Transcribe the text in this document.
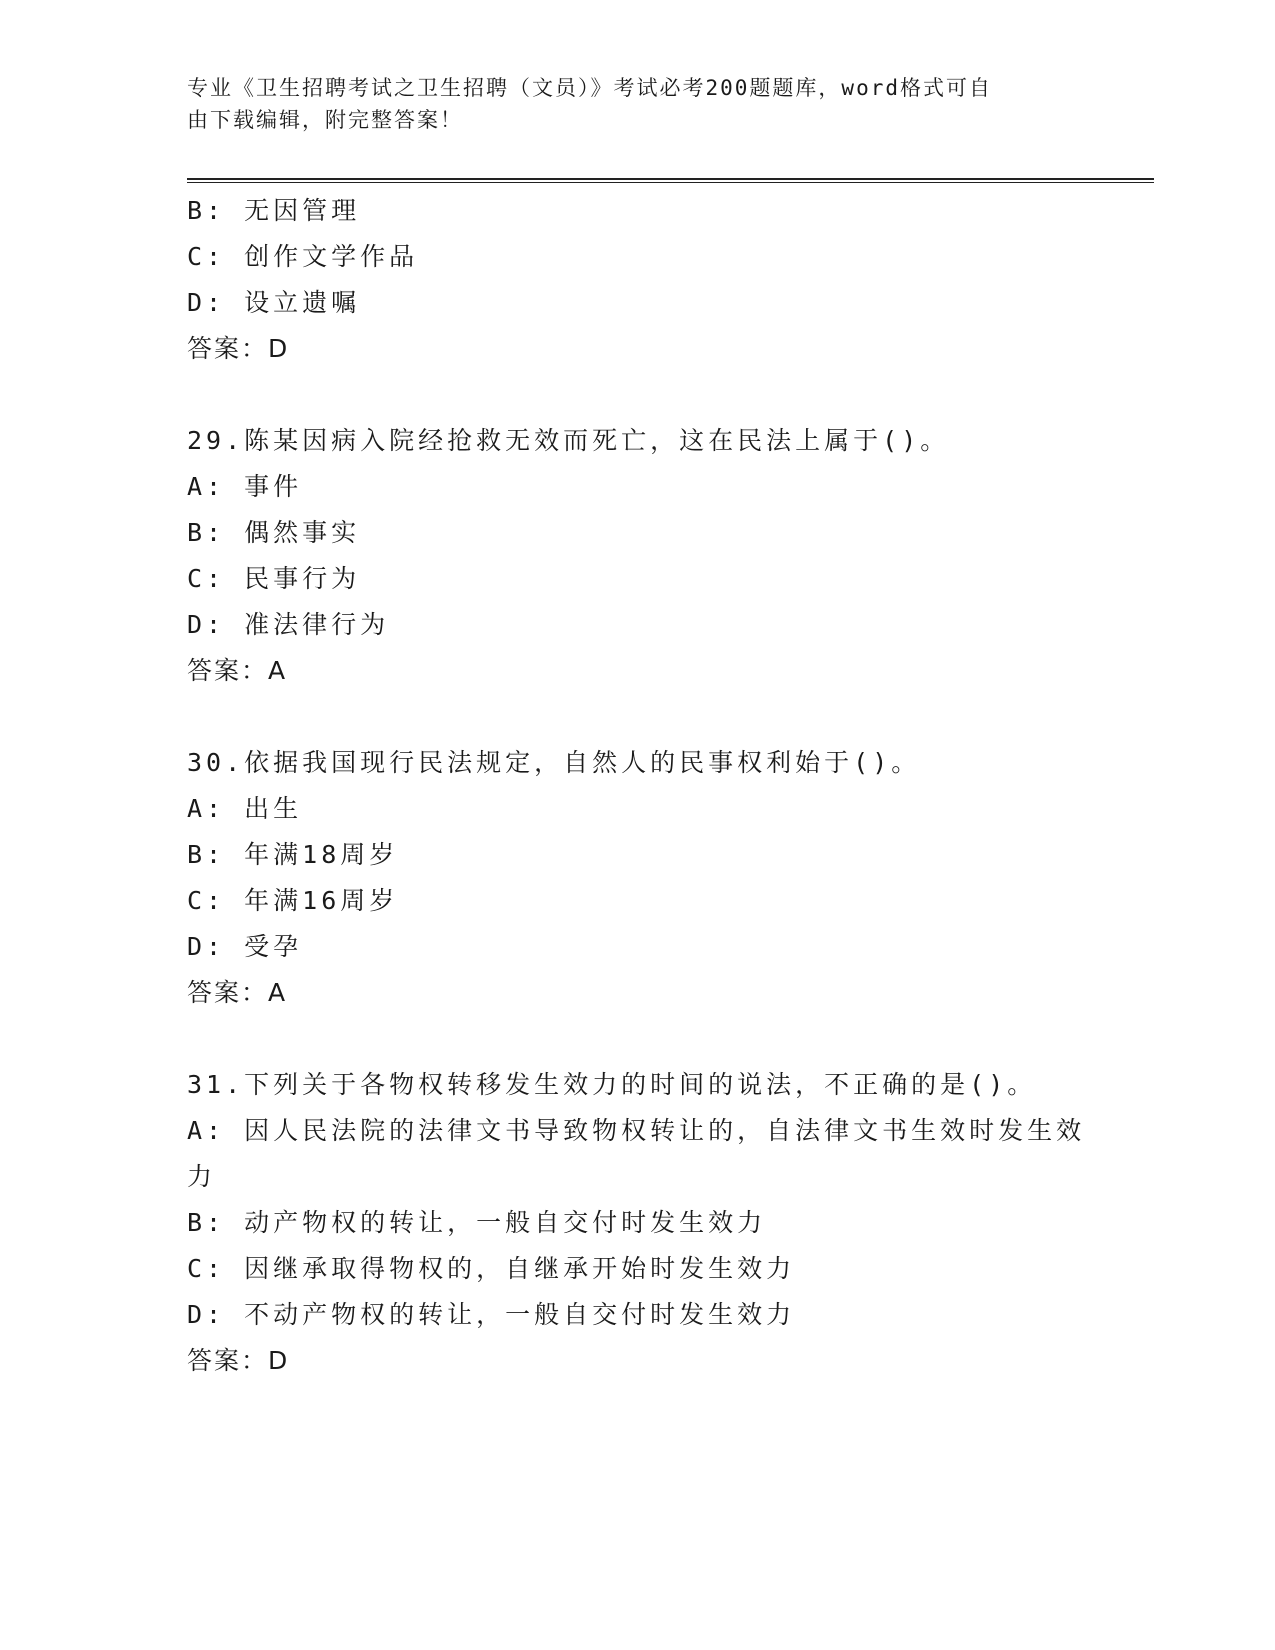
专业《卫生招聘考试之卫生招聘（文员）》考试必考200题题库，word格式可自
由下载编辑，附完整答案！
B: 无因管理
C: 创作文学作品
D: 设立遗嘱
答案：D
29.陈某因病入院经抢救无效而死亡，这在民法上属于()。
A: 事件
B: 偶然事实
C: 民事行为
D: 准法律行为
答案：A
30.依据我国现行民法规定，自然人的民事权利始于()。
A: 出生
B: 年满18周岁
C: 年满16周岁
D: 受孕
答案：A
31.下列关于各物权转移发生效力的时间的说法，不正确的是()。
A: 因人民法院的法律文书导致物权转让的，自法律文书生效时发生效力
B: 动产物权的转让，一般自交付时发生效力
C: 因继承取得物权的，自继承开始时发生效力
D: 不动产物权的转让，一般自交付时发生效力
答案：D
